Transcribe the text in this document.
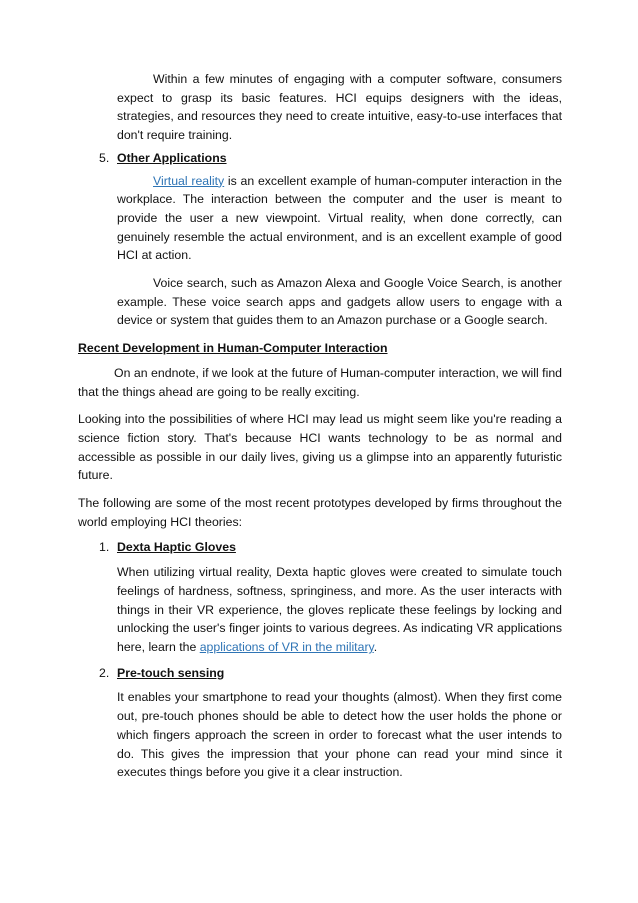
Within a few minutes of engaging with a computer software, consumers expect to grasp its basic features. HCI equips designers with the ideas, strategies, and resources they need to create intuitive, easy-to-use interfaces that don't require training.

5. Other Applications

Virtual reality is an excellent example of human-computer interaction in the workplace. The interaction between the computer and the user is meant to provide the user a new viewpoint. Virtual reality, when done correctly, can genuinely resemble the actual environment, and is an excellent example of good HCI at action.

Voice search, such as Amazon Alexa and Google Voice Search, is another example. These voice search apps and gadgets allow users to engage with a device or system that guides them to an Amazon purchase or a Google search.

Recent Development in Human-Computer Interaction

On an endnote, if we look at the future of Human-computer interaction, we will find that the things ahead are going to be really exciting.

Looking into the possibilities of where HCI may lead us might seem like you're reading a science fiction story. That's because HCI wants technology to be as normal and accessible as possible in our daily lives, giving us a glimpse into an apparently futuristic future.

The following are some of the most recent prototypes developed by firms throughout the world employing HCI theories:

1. Dexta Haptic Gloves

When utilizing virtual reality, Dexta haptic gloves were created to simulate touch feelings of hardness, softness, springiness, and more. As the user interacts with things in their VR experience, the gloves replicate these feelings by locking and unlocking the user's finger joints to various degrees. As indicating VR applications here, learn the applications of VR in the military.

2. Pre-touch sensing

It enables your smartphone to read your thoughts (almost). When they first come out, pre-touch phones should be able to detect how the user holds the phone or which fingers approach the screen in order to forecast what the user intends to do. This gives the impression that your phone can read your mind since it executes things before you give it a clear instruction.
